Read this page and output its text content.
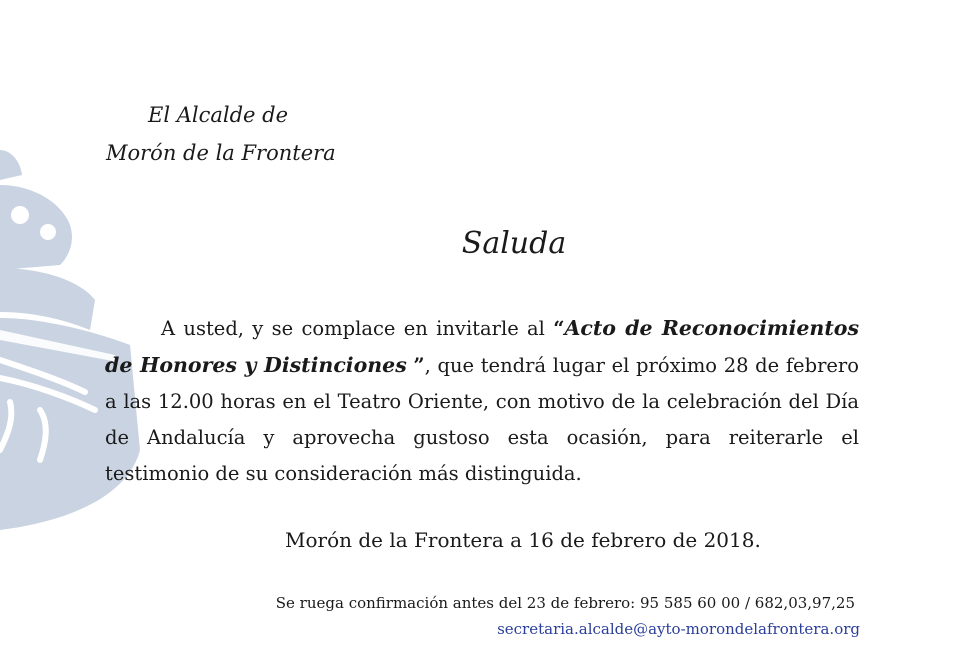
El Alcalde de
Morón de la Frontera
Saluda
A usted, y se complace en invitarle al “Acto de Reconocimientos de Honores y Distinciones ”, que tendrá lugar el próximo 28 de febrero a las 12.00 horas en el Teatro Oriente, con motivo de la celebración del Día de Andalucía y aprovecha gustoso esta ocasión, para reiterarle el testimonio de su consideración más distinguida.
Morón de la Frontera a 16 de febrero de 2018.
Se ruega confirmación antes del 23 de febrero: 95 585 60 00 / 682,03,97,25
secretaria.alcalde@ayto-morondelafrontera.org
